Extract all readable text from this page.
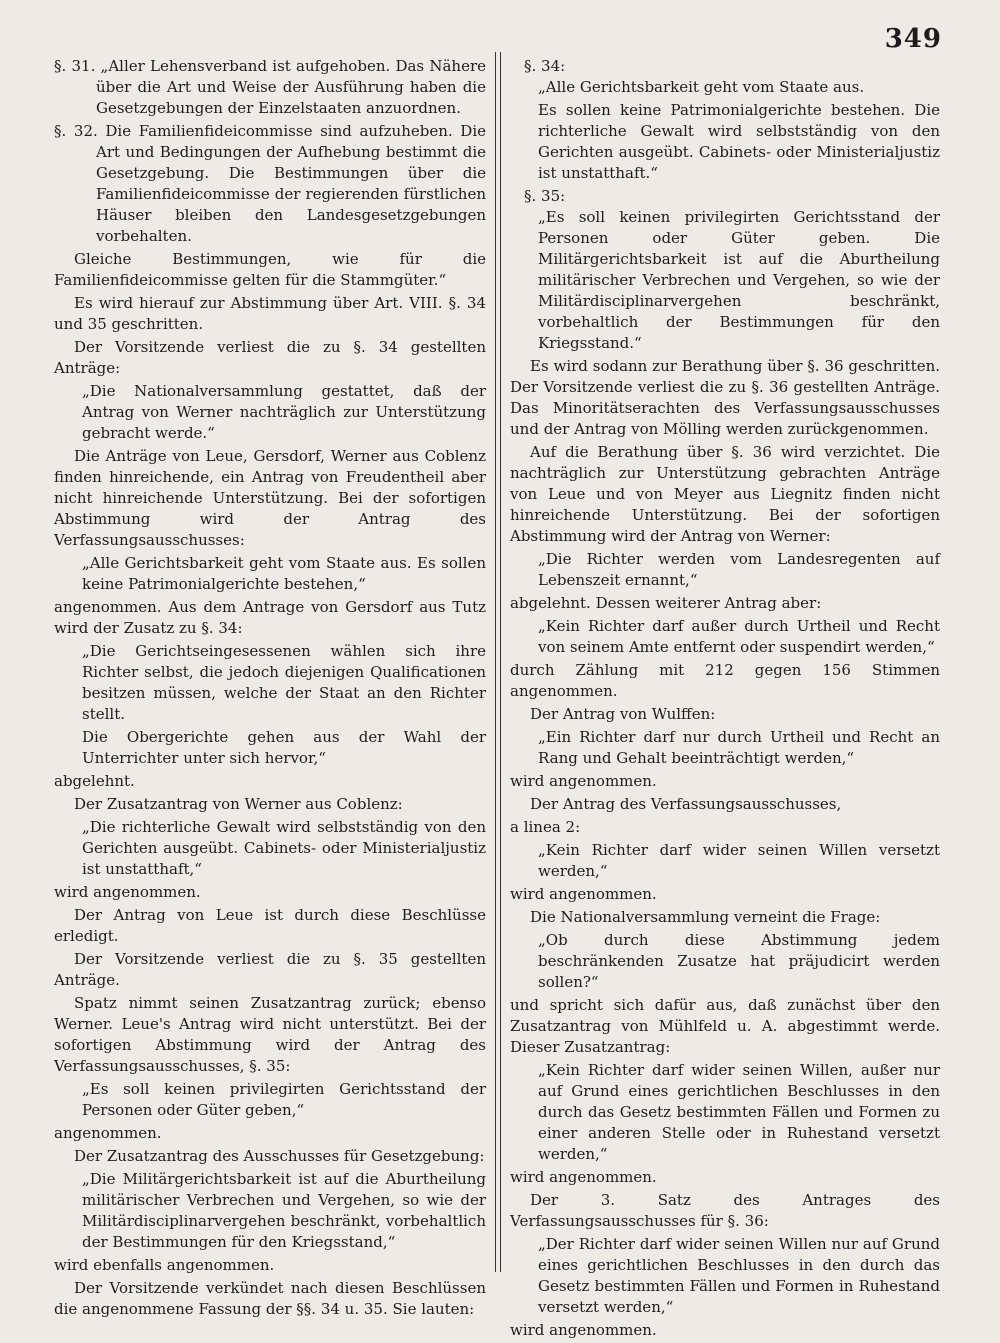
349

§. 31. „Aller Lehensverband ist aufgehoben. Das Nähere über die Art und Weise der Ausführung haben die Gesetzgebungen der Einzelstaaten anzuordnen.

§. 32. Die Familienfideicommisse sind aufzuheben. Die Art und Bedingungen der Aufhebung bestimmt die Gesetzgebung. Die Bestimmungen über die Familienfideicommisse der regierenden fürstlichen Häuser bleiben den Landesgesetzgebungen vorbehalten.

Gleiche Bestimmungen, wie für die Familienfideicommisse gelten für die Stammgüter.“

Es wird hierauf zur Abstimmung über Art. VIII. §. 34 und 35 geschritten.

Der Vorsitzende verliest die zu §. 34 gestellten Anträge:

„Die Nationalversammlung gestattet, daß der Antrag von Werner nachträglich zur Unterstützung gebracht werde.“

Die Anträge von Leue, Gersdorf, Werner aus Coblenz finden hinreichende, ein Antrag von Freudentheil aber nicht hinreichende Unterstützung. Bei der sofortigen Abstimmung wird der Antrag des Verfassungsausschusses:

„Alle Gerichtsbarkeit geht vom Staate aus. Es sollen keine Patrimonialgerichte bestehen,“

angenommen. Aus dem Antrage von Gersdorf aus Tutz wird der Zusatz zu §. 34:

„Die Gerichtseingesessenen wählen sich ihre Richter selbst, die jedoch diejenigen Qualificationen besitzen müssen, welche der Staat an den Richter stellt.

Die Obergerichte gehen aus der Wahl der Unterrichter unter sich hervor,“

abgelehnt.

Der Zusatzantrag von Werner aus Coblenz:

„Die richterliche Gewalt wird selbstständig von den Gerichten ausgeübt. Cabinets- oder Ministerialjustiz ist unstatthaft,“

wird angenommen.

Der Antrag von Leue ist durch diese Beschlüsse erledigt.

Der Vorsitzende verliest die zu §. 35 gestellten Anträge.

Spatz nimmt seinen Zusatzantrag zurück; ebenso Werner. Leue's Antrag wird nicht unterstützt. Bei der sofortigen Abstimmung wird der Antrag des Verfassungsausschusses, §. 35:

„Es soll keinen privilegirten Gerichtsstand der Personen oder Güter geben,“

angenommen.

Der Zusatzantrag des Ausschusses für Gesetzgebung:

„Die Militärgerichtsbarkeit ist auf die Aburtheilung militärischer Verbrechen und Vergehen, so wie der Militärdisciplinarvergehen beschränkt, vorbehaltlich der Bestimmungen für den Kriegsstand,“

wird ebenfalls angenommen.

Der Vorsitzende verkündet nach diesen Beschlüssen die angenommene Fassung der §§. 34 u. 35. Sie lauten:

§. 34:

„Alle Gerichtsbarkeit geht vom Staate aus.

Es sollen keine Patrimonialgerichte bestehen. Die richterliche Gewalt wird selbstständig von den Gerichten ausgeübt. Cabinets- oder Ministerialjustiz ist unstatthaft.“

§. 35:

„Es soll keinen privilegirten Gerichtsstand der Personen oder Güter geben. Die Militärgerichtsbarkeit ist auf die Aburtheilung militärischer Verbrechen und Vergehen, so wie der Militärdisciplinarvergehen beschränkt, vorbehaltlich der Bestimmungen für den Kriegsstand.“

Es wird sodann zur Berathung über §. 36 geschritten. Der Vorsitzende verliest die zu §. 36 gestellten Anträge. Das Minoritätserachten des Verfassungsausschusses und der Antrag von Mölling werden zurückgenommen.

Auf die Berathung über §. 36 wird verzichtet. Die nachträglich zur Unterstützung gebrachten Anträge von Leue und von Meyer aus Liegnitz finden nicht hinreichende Unterstützung. Bei der sofortigen Abstimmung wird der Antrag von Werner:

„Die Richter werden vom Landesregenten auf Lebenszeit ernannt,“

abgelehnt. Dessen weiterer Antrag aber:

„Kein Richter darf außer durch Urtheil und Recht von seinem Amte entfernt oder suspendirt werden,“

durch Zählung mit 212 gegen 156 Stimmen angenommen.

Der Antrag von Wulffen:

„Ein Richter darf nur durch Urtheil und Recht an Rang und Gehalt beeinträchtigt werden,“

wird angenommen.

Der Antrag des Verfassungsausschusses,

a linea 2:

„Kein Richter darf wider seinen Willen versetzt werden,“

wird angenommen.

Die Nationalversammlung verneint die Frage:

„Ob durch diese Abstimmung jedem beschränkenden Zusatze hat präjudicirt werden sollen?“

und spricht sich dafür aus, daß zunächst über den Zusatzantrag von Mühlfeld u. A. abgestimmt werde. Dieser Zusatzantrag:

„Kein Richter darf wider seinen Willen, außer nur auf Grund eines gerichtlichen Beschlusses in den durch das Gesetz bestimmten Fällen und Formen zu einer anderen Stelle oder in Ruhestand versetzt werden,“

wird angenommen.

Der 3. Satz des Antrages des Verfassungsausschusses für §. 36:

„Der Richter darf wider seinen Willen nur auf Grund eines gerichtlichen Beschlusses in den durch das Gesetz bestimmten Fällen und Formen in Ruhestand versetzt werden,“

wird angenommen.
